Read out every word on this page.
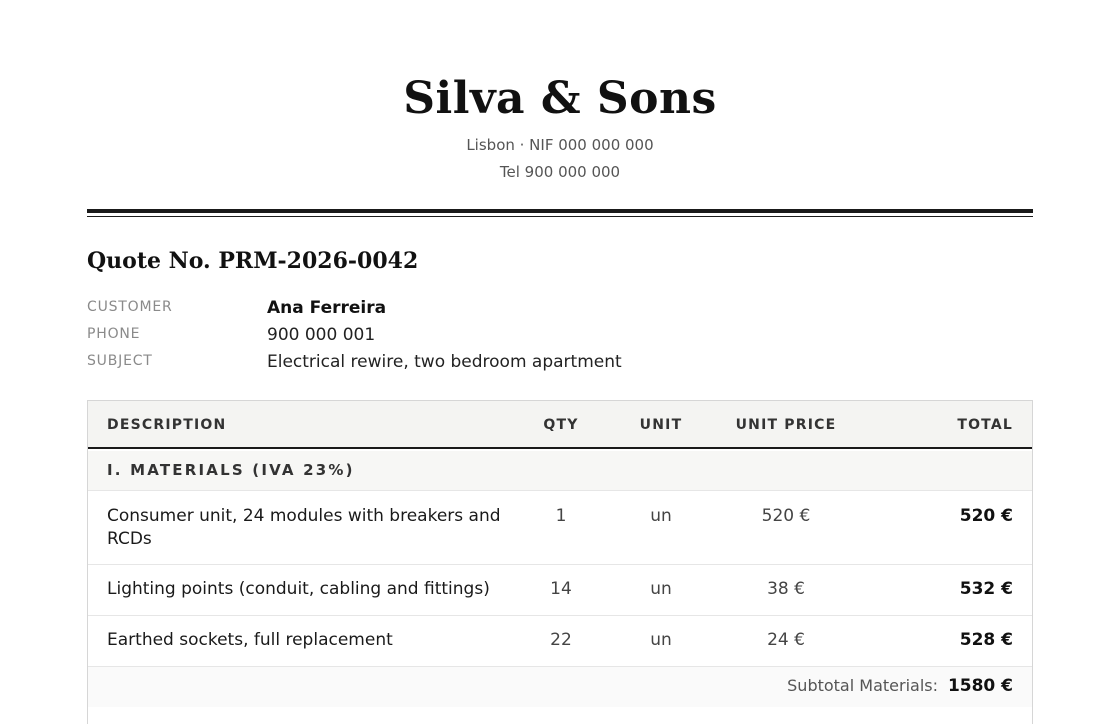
Silva & Sons
Lisbon · NIF 000 000 000
Tel 900 000 000
Quote No. PRM-2026-0042
CUSTOMER	Ana Ferreira
PHONE	900 000 001
SUBJECT	Electrical rewire, two bedroom apartment
DESCRIPTION	QTY	UNIT	UNIT PRICE	TOTAL
I. MATERIALS (IVA 23%)
Consumer unit, 24 modules with breakers and RCDs
1	un	520 €	520 €
Lighting points (conduit, cabling and fittings)	14	un	38 €	532 €
Earthed sockets, full replacement	22	un	24 €	528 €
Subtotal Materials: 1580 €
